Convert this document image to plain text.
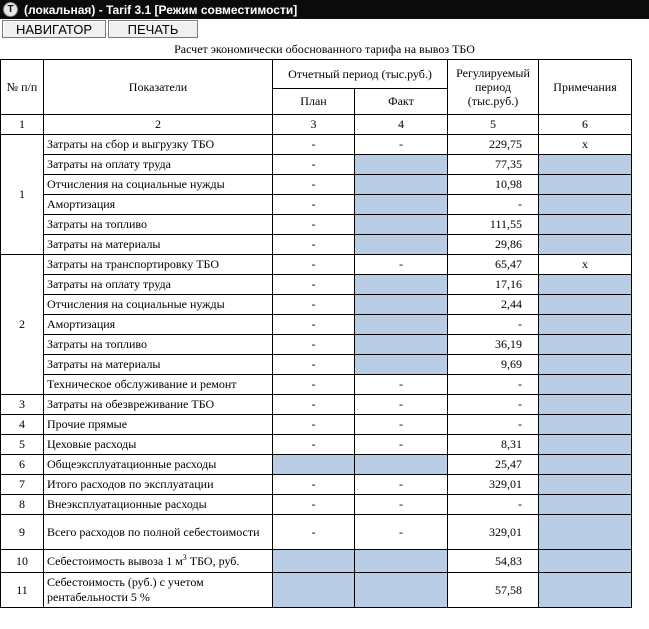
T (локальная) - Tarif 3.1 [Режим совместимости]
НАВИГАТОР	ПЕЧАТЬ
Расчет экономически обоснованного тарифа на вывоз ТБО
№ п/п	Показатели	Отчетный период (тыс.руб.)		Регулируемый период (тыс.руб.)	Примечания
		План	Факт		
1	2	3	4	5	6
1	Затраты на сбор и выгрузку ТБО	-	-	229,75	x
	Затраты на оплату труда	-		77,35	
	Отчисления на социальные нужды	-		10,98	
	Амортизация	-		-	
	Затраты на топливо	-		111,55	
	Затраты на материалы	-		29,86	
2	Затраты на транспортировку ТБО	-	-	65,47	x
	Затраты на оплату труда	-		17,16	
	Отчисления на социальные нужды	-		2,44	
	Амортизация	-		-	
	Затраты на топливо	-		36,19	
	Затраты на материалы	-		9,69	
	Техническое обслуживание и ремонт	-	-	-	
3	Затраты на обезвреживание ТБО	-	-	-	
4	Прочие прямые	-	-	-	
5	Цеховые расходы	-	-	8,31	
6	Общеэксплуатационные расходы			25,47	
7	Итого расходов по эксплуатации	-	-	329,01	
8	Внеэксплуатационные расходы	-	-	-	
9	Всего расходов по полной себестоимости	-	-	329,01	
10	Себестоимость вывоза 1 $м^3$ ТБО, руб.			54,83	
11	Себестоимость (руб.) с учетом рентабельности 5 %			57,58	
